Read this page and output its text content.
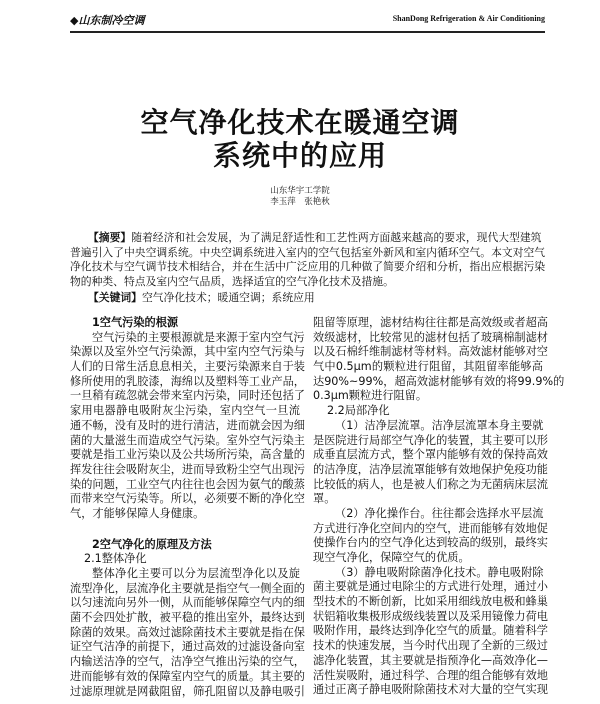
◆山东制冷空调	ShanDong Refrigeration & Air Conditioning
空气净化技术在暖通空调
系统中的应用
山东华宇工学院
李玉萍　张艳秋
【摘要】随着经济和社会发展，为了满足舒适性和工艺性两方面越来越高的要求，现代大型建筑
普遍引入了中央空调系统。中央空调系统进入室内的空气包括室外新风和室内循环空气。本文对空气
净化技术与空气调节技术相结合，并在生活中广泛应用的几种做了简要介绍和分析，指出应根据污染
物的种类、特点及室内空气品质，选择适宜的空气净化技术及措施。
【关键词】空气净化技术；暖通空调；系统应用
1空气污染的根源
空气污染的主要根源就是来源于室内空气污
染源以及室外空气污染源，其中室内空气污染与
人们的日常生活息息相关，主要污染源来自于装
修所使用的乳胶漆，海绵以及塑料等工业产品，
一旦稍有疏忽就会带来室内污染，同时还包括了
家用电器静电吸附灰尘污染，室内空气一旦流
通不畅，没有及时的进行清洁，进而就会因为细
菌的大量滋生而造成空气污染。室外空气污染主
要就是指工业污染以及公共场所污染，高含量的
挥发往往会吸附灰尘，进而导致粉尘空气出现污
染的问题，工业空气内往往也会因为氨气的酸蒸
而带来空气污染等。所以，必须要不断的净化空
气，才能够保障人身健康。
2空气净化的原理及方法
2.1整体净化
整体净化主要可以分为层流型净化以及旋
流型净化，层流净化主要就是指空气一侧全面的
以匀速流向另外一侧，从而能够保障空气内的细
菌不会四处扩散，被平稳的推出室外，最终达到
除菌的效果。高效过滤除菌技术主要就是指在保
证空气洁净的前提下，通过高效的过滤设备向室
内输送洁净的空气，洁净空气推出污染的空气，
进而能够有效的保障室内空气的质量。其主要的
过滤原理就是网截阻留，筛孔阻留以及静电吸引
阻留等原理，滤材结构往往都是高效级或者超高
效级滤材，比较常见的滤材包括了玻璃棉制滤材
以及石棉纤维制滤材等材料。高效滤材能够对空
气中0.5μm的颗粒进行阻留，其阻留率能够高
达90%~99%，超高效滤材能够有效的将99.9%的
0.3μm颗粒进行阻留。
2.2局部净化
（1）洁净层流罩。洁净层流罩本身主要就
是医院进行局部空气净化的装置，其主要可以形
成垂直层流方式，整个罩内能够有效的保持高效
的洁净度，洁净层流罩能够有效地保护免疫功能
比较低的病人，也是被人们称之为无菌病床层流
罩。
（2）净化操作台。往往都会选择水平层流
方式进行净化空间内的空气，进而能够有效地促
使操作台内的空气净化达到较高的级别，最终实
现空气净化，保障空气的优质。
（3）静电吸附除菌净化技术。静电吸附除
菌主要就是通过电除尘的方式进行处理，通过小
型技术的不断创新，比如采用细线放电极和蜂巢
状铝箱收集极形成级线装置以及采用镜像力荷电
吸附作用，最终达到净化空气的质量。随着科学
技术的快速发展，当今时代出现了全新的三级过
滤净化装置，其主要就是指预净化—高效净化—
活性炭吸附，通过科学、合理的组合能够有效地
通过正离子静电吸附除菌技术对大量的空气实现
